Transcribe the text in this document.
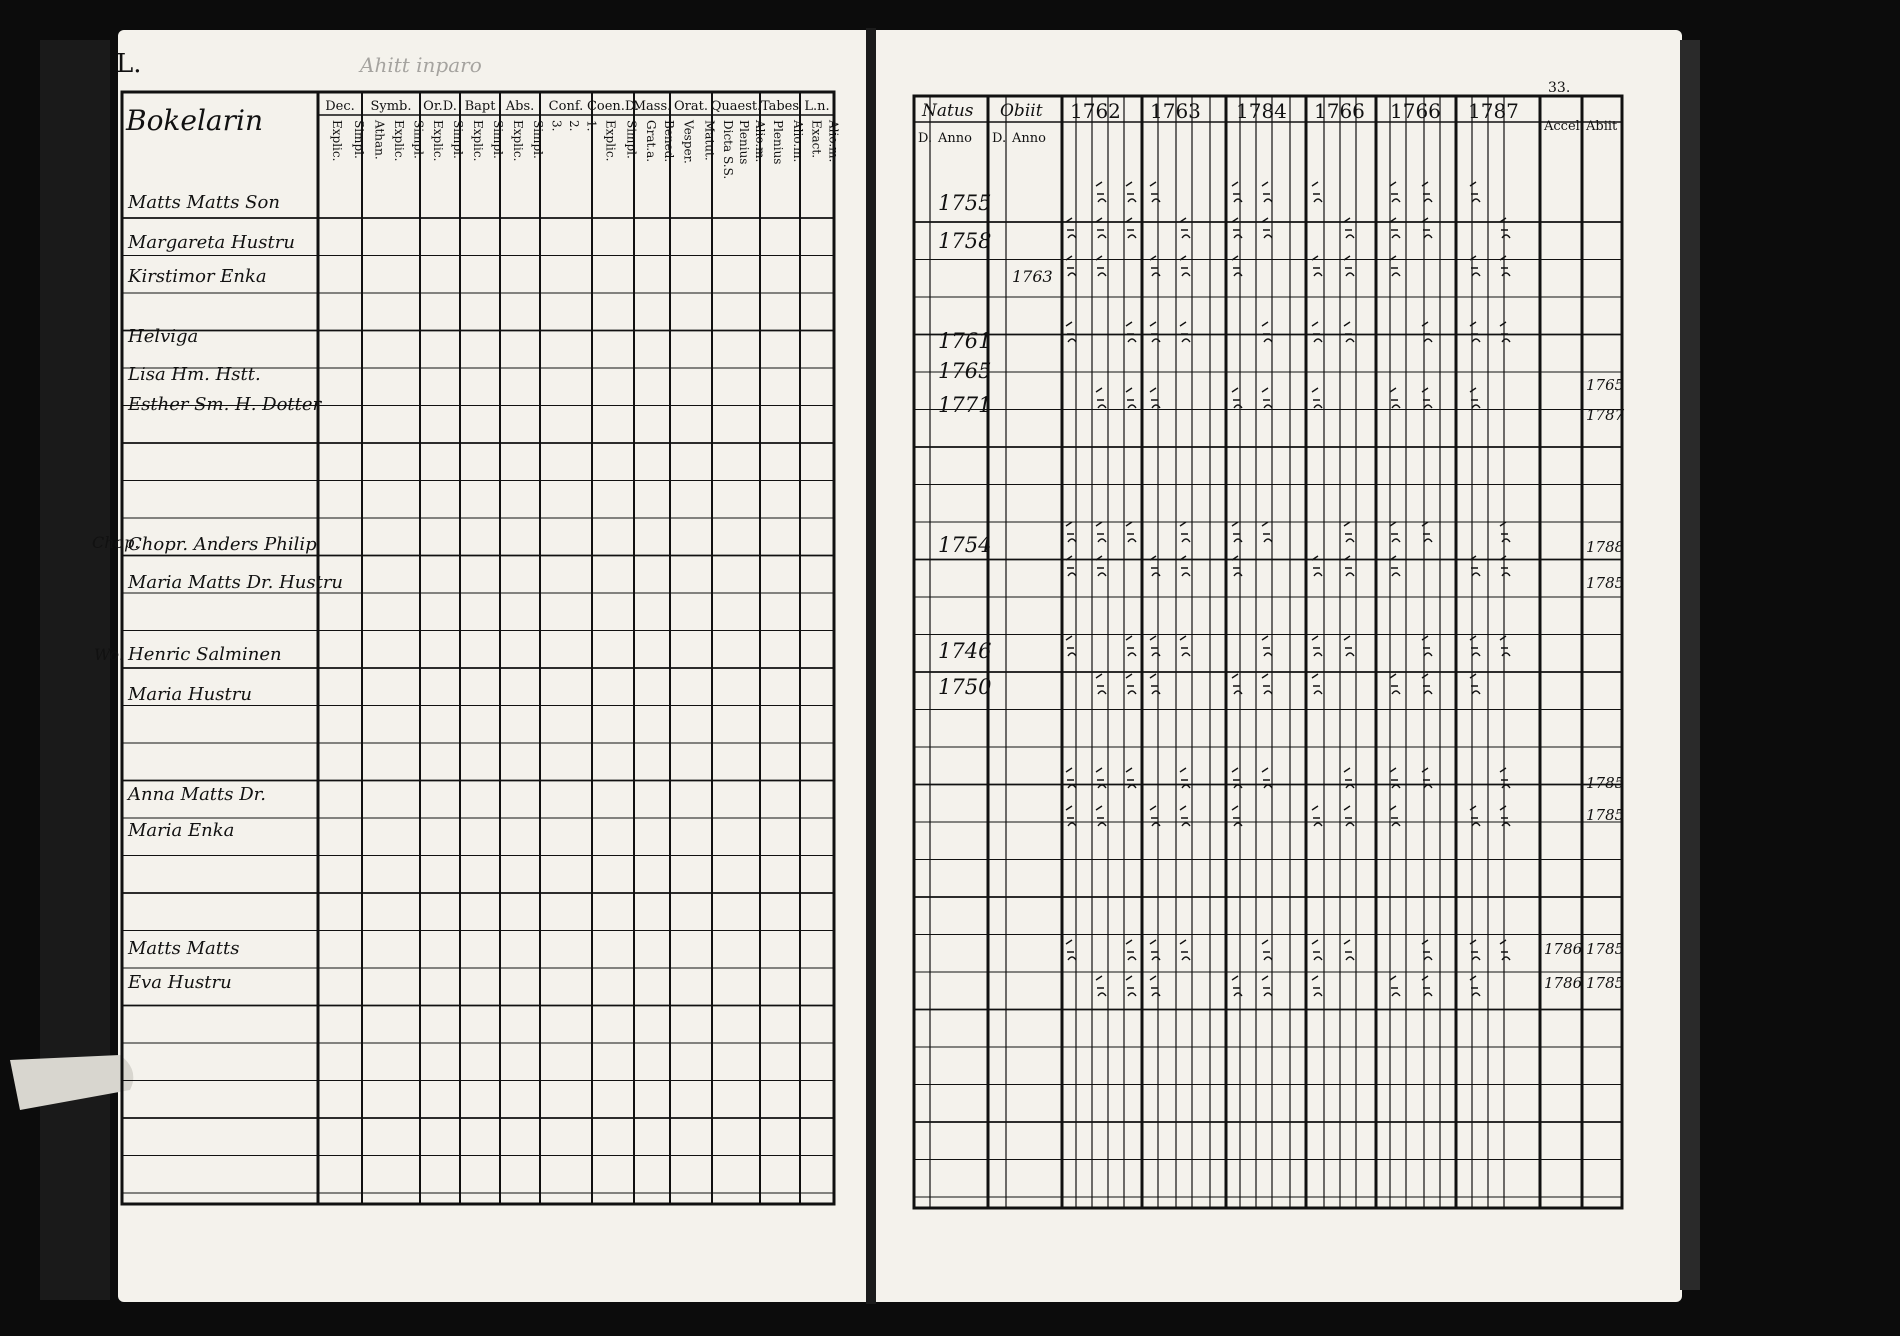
L.	Ahitt inparo
Bokelarin	Dec.
Explic. Simpl.
Symb.
Athan. Explic. Simpl.
Or.D.
Explic. Simpl.
Bapt
Explic. Simpl.
Abs.
Explic. Simpl.
Conf.
3. 2. 1.
Coen.D.
Explic. Simpl.
Mass.
Grat.a. Bened.
Orat.
Vesper. Matut.
Quaest.
Dicta S.S. Plenius Alio.m.
Tabes
Plenius Alio.m.
L.n.
Exact. Alio.m.
Matts Matts Son
Margareta Hustru
Kirstimor Enka
Helviga
Lisa Hm. Hstt.
Esther Sm. H. Dotter
Chopr. Anders Philip
Maria Matts Dr. Hustru
Henric Salminen
Maria Hustru
Anna Matts Dr.
Maria Enka
Matts Matts
Eva Hustru
Chop.
Wo.
33.
Natus Obiit
D. Anno D. Anno
Accel Abiit
1762 1763 1784 1766 1766 1787
1755
1758
1761
1765
1771
1754
1746
1750
1763
1786
1786
1765
1787
1788
1785
1785
1785
1785
1785
